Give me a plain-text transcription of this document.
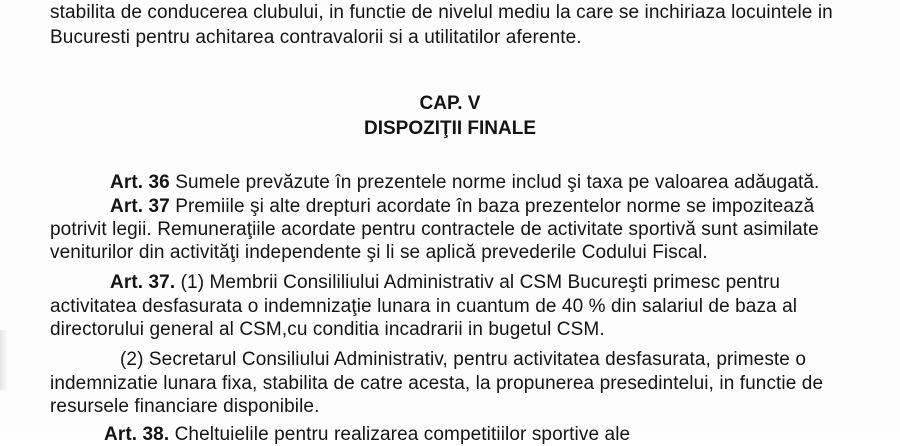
stabilita de conducerea clubului, in functie de nivelul mediu la care se inchiriaza locuintele in
Bucuresti pentru achitarea contravalorii si a utilitatilor aferente.
CAP. V
DISPOZIŢII FINALE
Art. 36 Sumele prevăzute în prezentele norme includ şi taxa pe valoarea adăugată.
Art. 37 Premiile şi alte drepturi acordate în baza prezentelor norme se impozitează
potrivit legii. Remuneraţiile acordate pentru contractele de activitate sportivă sunt asimilate
veniturilor din activităţi independente şi li se aplică prevederile Codului Fiscal.
Art. 37. (1) Membrii Consililiului Administrativ al CSM Bucureşti primesc pentru
activitatea desfasurata o indemnizaţie lunara in cuantum de 40 % din salariul de baza al
directorului general al CSM,cu conditia incadrarii in bugetul CSM.
(2) Secretarul Consiliului Administrativ, pentru activitatea desfasurata, primeste o
indemnizatie lunara fixa, stabilita de catre acesta, la propunerea presedintelui, in functie de
resursele financiare disponibile.
Art. 38. Cheltuielile pentru realizarea competitiilor sportive ale
